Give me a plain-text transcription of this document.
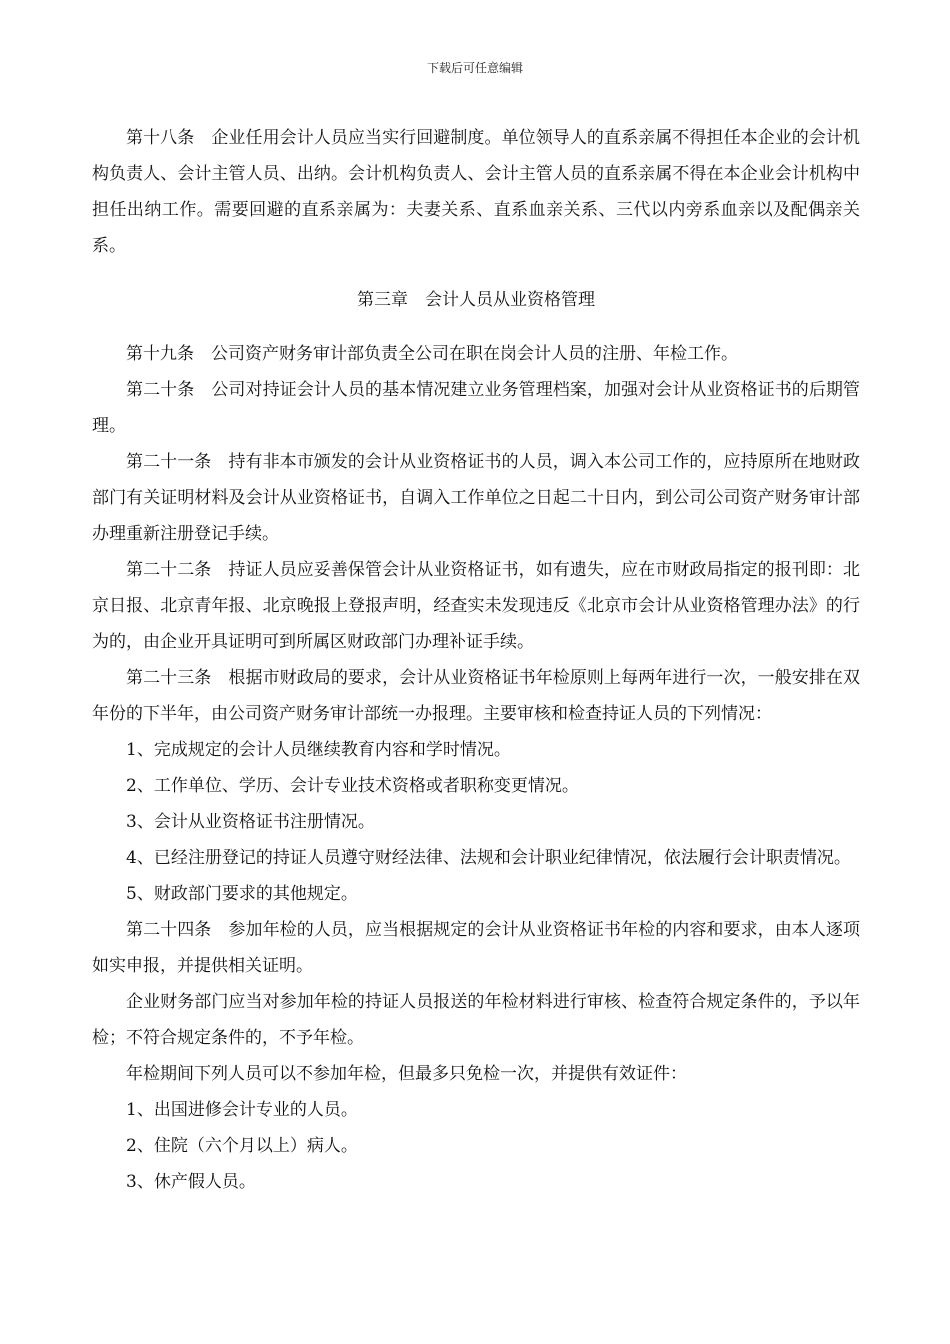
下载后可任意编辑

第十八条　企业任用会计人员应当实行回避制度。单位领导人的直系亲属不得担任本企业的会计机构负责人、会计主管人员、出纳。会计机构负责人、会计主管人员的直系亲属不得在本企业会计机构中担任出纳工作。需要回避的直系亲属为：夫妻关系、直系血亲关系、三代以内旁系血亲以及配偶亲关系。

第三章　会计人员从业资格管理

第十九条　公司资产财务审计部负责全公司在职在岗会计人员的注册、年检工作。

第二十条　公司对持证会计人员的基本情况建立业务管理档案，加强对会计从业资格证书的后期管理。

第二十一条　持有非本市颁发的会计从业资格证书的人员，调入本公司工作的，应持原所在地财政部门有关证明材料及会计从业资格证书，自调入工作单位之日起二十日内，到公司公司资产财务审计部办理重新注册登记手续。

第二十二条　持证人员应妥善保管会计从业资格证书，如有遗失，应在市财政局指定的报刊即：北京日报、北京青年报、北京晚报上登报声明，经查实未发现违反《北京市会计从业资格管理办法》的行为的，由企业开具证明可到所属区财政部门办理补证手续。

第二十三条　根据市财政局的要求，会计从业资格证书年检原则上每两年进行一次，一般安排在双年份的下半年，由公司资产财务审计部统一办报理。主要审核和检查持证人员的下列情况：

1、完成规定的会计人员继续教育内容和学时情况。

2、工作单位、学历、会计专业技术资格或者职称变更情况。

3、会计从业资格证书注册情况。

4、已经注册登记的持证人员遵守财经法律、法规和会计职业纪律情况，依法履行会计职责情况。

5、财政部门要求的其他规定。

第二十四条　参加年检的人员，应当根据规定的会计从业资格证书年检的内容和要求，由本人逐项如实申报，并提供相关证明。

企业财务部门应当对参加年检的持证人员报送的年检材料进行审核、检查符合规定条件的，予以年检；不符合规定条件的，不予年检。

年检期间下列人员可以不参加年检，但最多只免检一次，并提供有效证件：

1、出国进修会计专业的人员。

2、住院（六个月以上）病人。

3、休产假人员。
